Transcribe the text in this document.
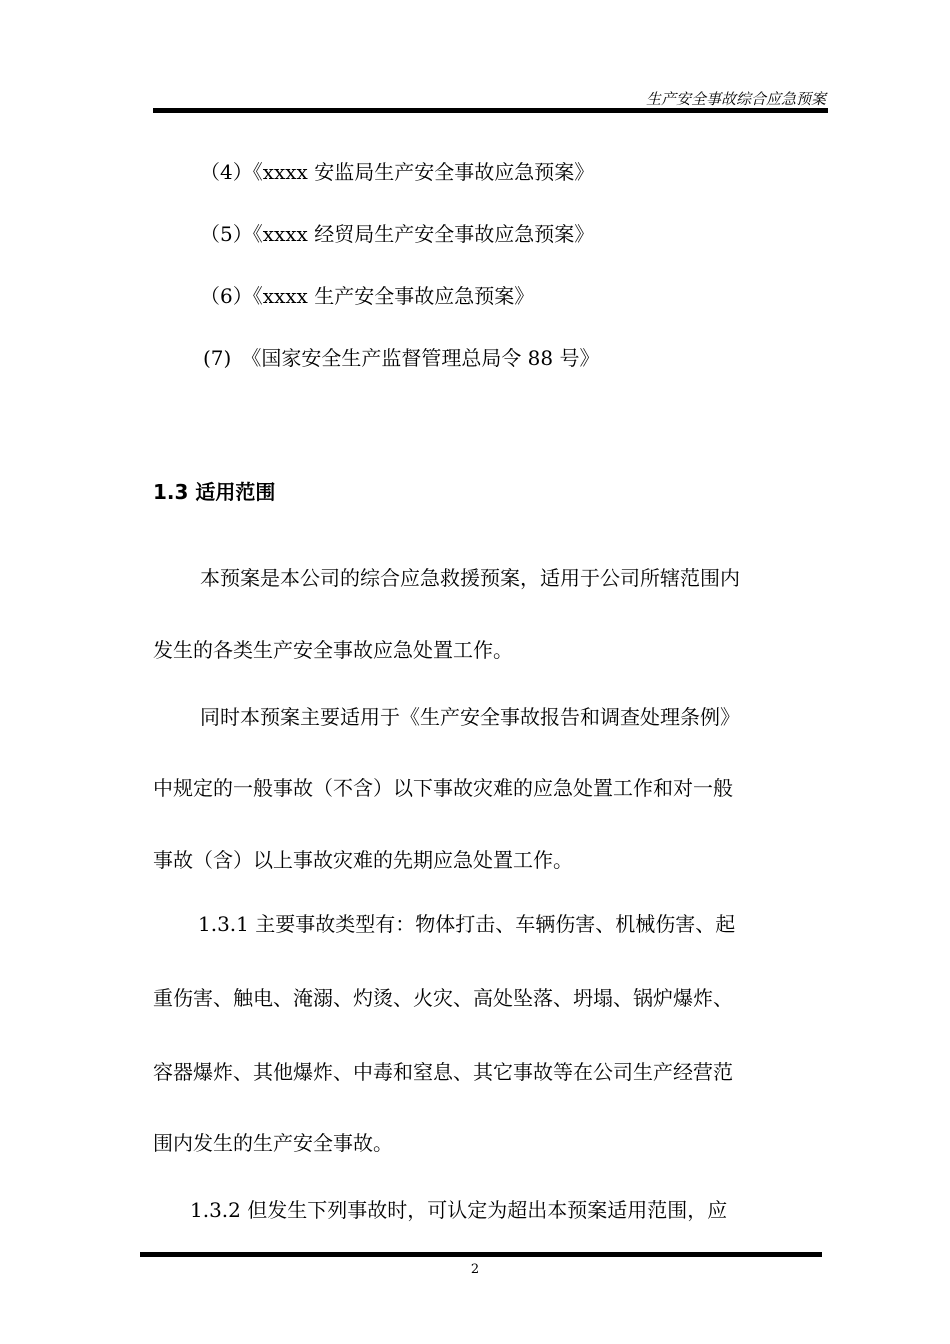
生产安全事故综合应急预案
（4）《xxxx 安监局生产安全事故应急预案》
（5）《xxxx 经贸局生产安全事故应急预案》
（6）《xxxx 生产安全事故应急预案》
(7)　《国家安全生产监督管理总局令 88 号》
1.3 适用范围
本预案是本公司的综合应急救援预案，适用于公司所辖范围内
发生的各类生产安全事故应急处置工作。
同时本预案主要适用于《生产安全事故报告和调查处理条例》
中规定的一般事故（不含）以下事故灾难的应急处置工作和对一般
事故（含）以上事故灾难的先期应急处置工作。
1.3.1 主要事故类型有：物体打击、车辆伤害、机械伤害、起
重伤害、触电、淹溺、灼烫、火灾、高处坠落、坍塌、锅炉爆炸、
容器爆炸、其他爆炸、中毒和窒息、其它事故等在公司生产经营范
围内发生的生产安全事故。
1.3.2 但发生下列事故时，可认定为超出本预案适用范围，应
2
